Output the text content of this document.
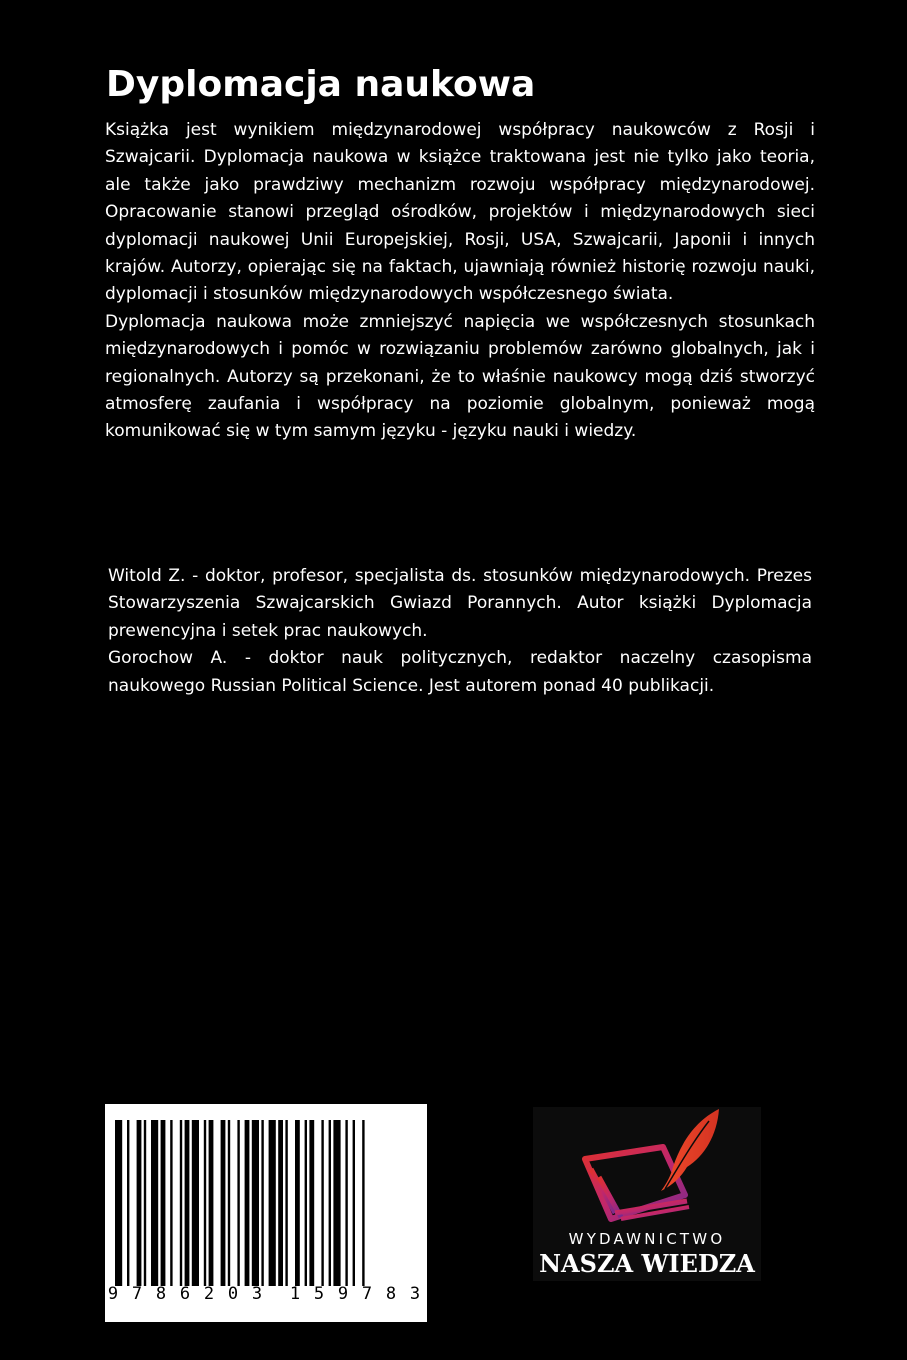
Dyplomacja naukowa

Książka jest wynikiem międzynarodowej współpracy naukowców z Rosji i Szwajcarii. Dyplomacja naukowa w książce traktowana jest nie tylko jako teoria, ale także jako prawdziwy mechanizm rozwoju współpracy międzynarodowej. Opracowanie stanowi przegląd ośrodków, projektów i międzynarodowych sieci dyplomacji naukowej Unii Europejskiej, Rosji, USA, Szwajcarii, Japonii i innych krajów. Autorzy, opierając się na faktach, ujawniają również historię rozwoju nauki, dyplomacji i stosunków międzynarodowych współczesnego świata.

Dyplomacja naukowa może zmniejszyć napięcia we współczesnych stosunkach międzynarodowych i pomóc w rozwiązaniu problemów zarówno globalnych, jak i regionalnych. Autorzy są przekonani, że to właśnie naukowcy mogą dziś stworzyć atmosferę zaufania i współpracy na poziomie globalnym, ponieważ mogą komunikować się w tym samym języku - języku nauki i wiedzy.

Witold Z. - doktor, profesor, specjalista ds. stosunków międzynarodowych. Prezes Stowarzyszenia Szwajcarskich Gwiazd Porannych. Autor książki Dyplomacja prewencyjna i setek prac naukowych.

Gorochow A. - doktor nauk politycznych, redaktor naczelny czasopisma naukowego Russian Political Science. Jest autorem ponad 40 publikacji.

9 7 8 6 2 0 3 1 5 9 7 8 3
WYDAWNICTWO
NASZA WIEDZA
